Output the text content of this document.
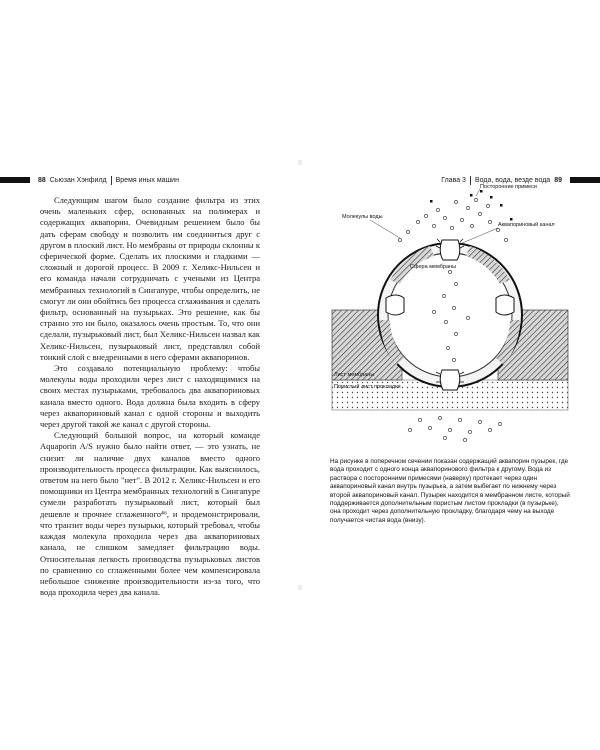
88 Сьюзан Хэнфилд Время иных машин

Следующим шагом было создание фильтра из этих очень маленьких сфер, основанных на полимерах и содержащих аквапорин. Очевидным решением было бы дать сферам свободу и позволить им соединиться друг с другом в плоский лист. Но мембраны от природы склонны к сферической форме. Сделать их плоскими и гладкими — сложный и дорогой процесс. В 2009 г. Хеликс-Нильсен и его команда начали сотрудничать с учеными из Центра мембранных технологий в Сингапуре, чтобы определить, не смогут ли они обойтись без процесса сглаживания и сделать фильтр, основанный на пузырьках. Это решение, как бы странно это ни было, оказалось очень простым. То, что они сделали, пузырьковый лист, был Хеликс-Нильсен назвал как Хеликс-Нильсен, пузырьковый лист, представлял собой тонкий слой с внедренными в него сферами аквапоринов.

Это создавало потенциальную проблему: чтобы молекулы воды проходили через лист с находящимися на своих местах пузырьками, требовалось два аквапориновых канала вместо одного. Вода должна была входить в сферу через аквапориновый канал с одной стороны и выходить через другой такой же канал с другой стороны.

Следующий большой вопрос, на который команде Aquaporin A/S нужно было найти ответ, — это узнать, не снизит ли наличие двух каналов вместо одного производительность процесса фильтрации. Как выяснилось, ответом на него было "нет". В 2012 г. Хеликс-Нильсен и его помощники из Центра мембранных технологий в Сингапуре сумели разработать пузырьковый лист, который был дешевле и прочнее сглаженного⁴⁶, и продемонстрировали, что транзит воды через пузырьки, который требовал, чтобы каждая молекула проходила через два аквапориновых канала, не слишком замедляет фильтрацию воды. Относительная легкость производства пузырьковых листов по сравнению со сглаженными более чем компенсировала небольшое снижение производительности из-за того, что вода проходила через два канала.

Глава 3 Вода, вода, везде вода 89
Посторонние примеси
Молекулы воды
Аквапориновый канал
Сфера мембраны
Лист мембраны
Пористый лист прокладки

На рисунке в поперечном сечении показан содержащий аквапорин пузырек, где вода проходит с одного конца аквапоринового фильтра к другому. Вода из раствора с посторонними примесями (наверху) протекает через один аквапориновый канал внутрь пузырька, а затем выбегает по нижнему через второй аквапориновый канал. Пузырек находится в мембранном листе, который поддерживается дополнительным пористым листом прокладки (в пузырьке), она проходит через дополнительную прокладку, благодаря чему на выходе получается чистая вода (внизу).
